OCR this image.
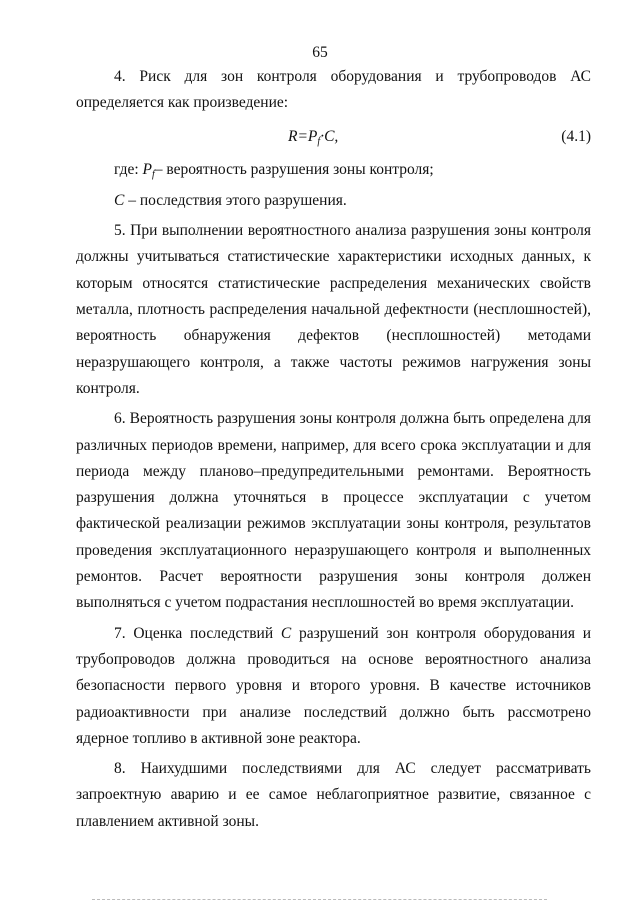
65

4. Риск для зон контроля оборудования и трубопроводов АС определяется как произведение:

$R=P_f\cdot C$,	(4.1)

где: $P_f-$ вероятность разрушения зоны контроля;

C – последствия этого разрушения.

5. При выполнении вероятностного анализа разрушения зоны контроля должны учитываться статистические характеристики исходных данных, к которым относятся статистические распределения механических свойств металла, плотность распределения начальной дефектности (несплошностей), вероятность обнаружения дефектов (несплошностей) методами неразрушающего контроля, а также частоты режимов нагружения зоны контроля.

6. Вероятность разрушения зоны контроля должна быть определена для различных периодов времени, например, для всего срока эксплуатации и для периода между планово–предупредительными ремонтами. Вероятность разрушения должна уточняться в процессе эксплуатации с учетом фактической реализации режимов эксплуатации зоны контроля, результатов проведения эксплуатационного неразрушающего контроля и выполненных ремонтов. Расчет вероятности разрушения зоны контроля должен выполняться с учетом подрастания несплошностей во время эксплуатации.

7. Оценка последствий С разрушений зон контроля оборудования и трубопроводов должна проводиться на основе вероятностного анализа безопасности первого уровня и второго уровня. В качестве источников радиоактивности при анализе последствий должно быть рассмотрено ядерное топливо в активной зоне реактора.

8. Наихудшими последствиями для АС следует рассматривать запроектную аварию и ее самое неблагоприятное развитие, связанное с плавлением активной зоны.
